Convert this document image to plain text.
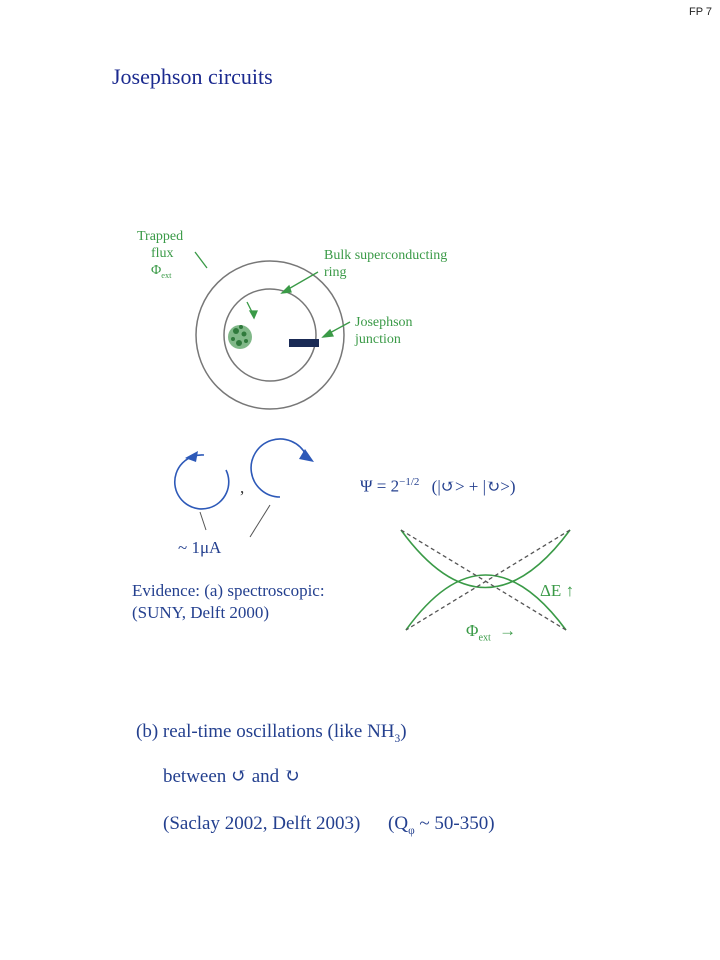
FP 7
Josephson circuits
Trapped
flux
$\Phi_{ext}$
Bulk superconducting
ring
Josephson
junction
,
~ 1μA
$\Psi = 2^{-1/2}$ (|↺> + |↻>)
ΔE ↑
$\Phi_{ext}$ →
Evidence: (a) spectroscopic:
(SUNY, Delft 2000)
(b) real-time oscillations (like $NH_3$)
between ↺ and ↻
(Saclay 2002, Delft 2003) ($Q_\varphi$ ~ 50-350)
